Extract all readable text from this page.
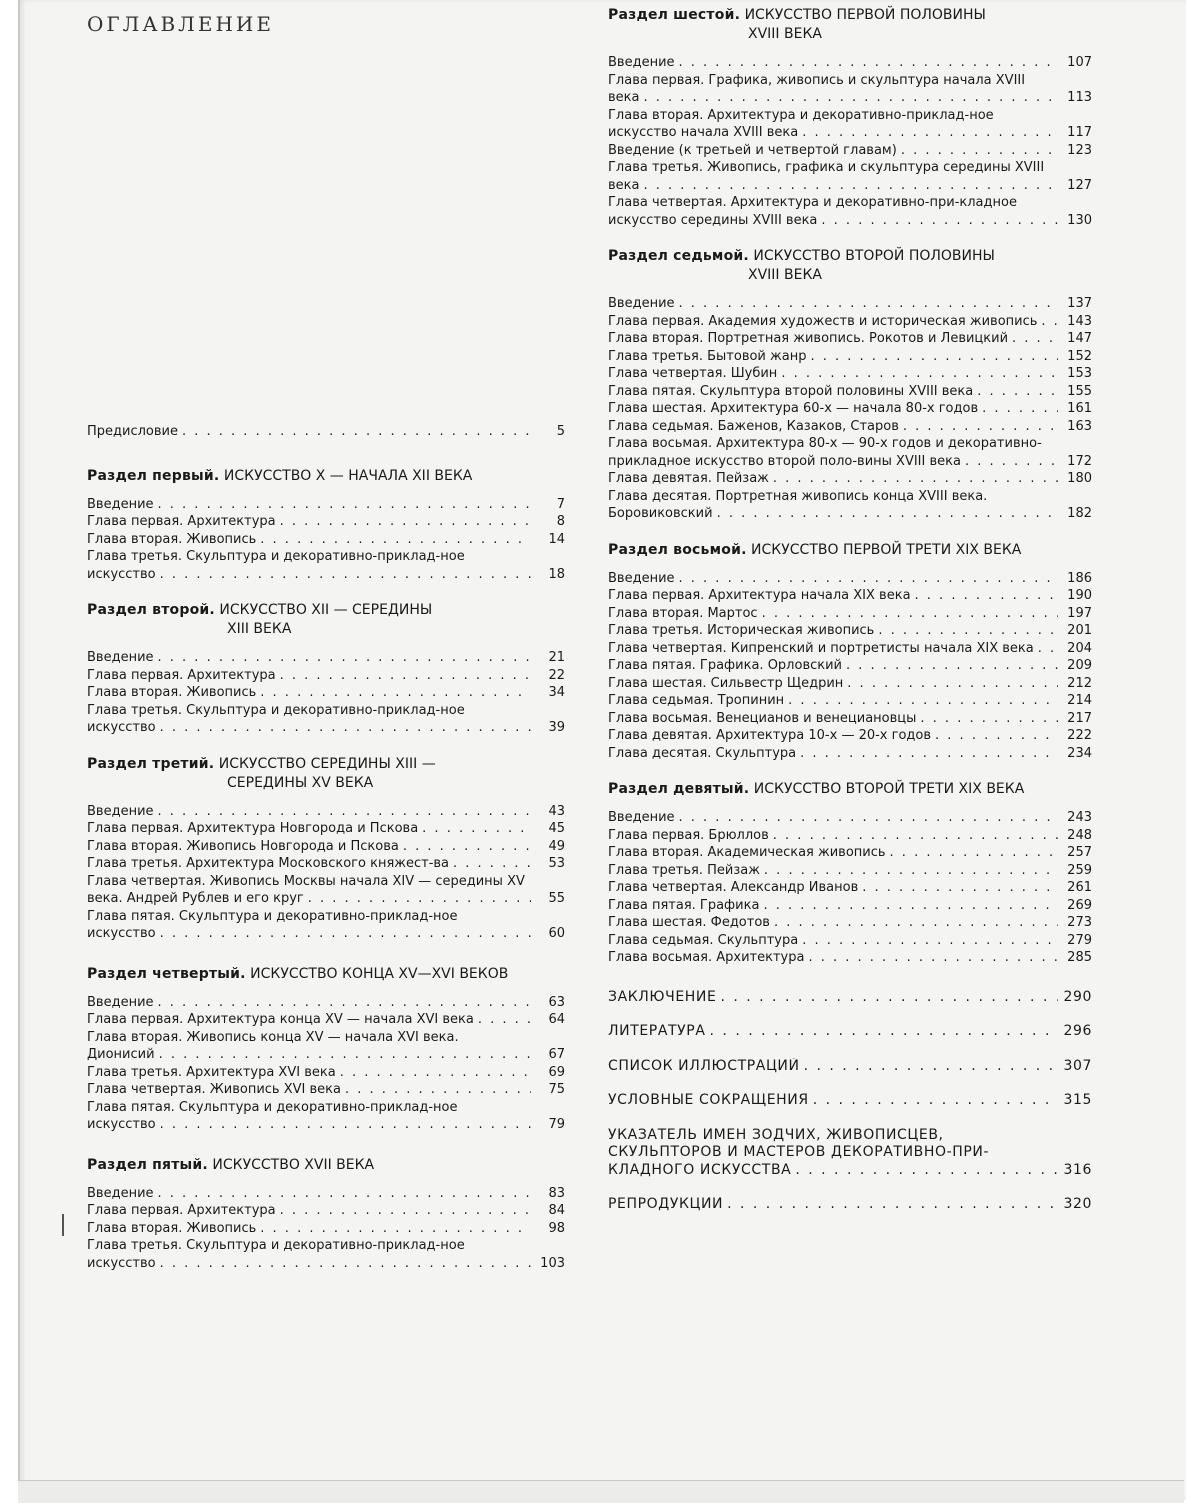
ОГЛАВЛЕНИЕ
Предисловие . . .	5
Раздел первый. ИСКУССТВО X — НАЧАЛА XII ВЕКА
Введение . . .	7
Глава первая. Архитектура . . .	8
Глава вторая. Живопись . . .	14
Глава третья. Скульптура и декоративно-приклад-ное искусство . . .	18
Раздел второй. ИСКУССТВО XII — СЕРЕДИНЫ
XIII ВЕКА
Введение . . .	21
Глава первая. Архитектура . . .	22
Глава вторая. Живопись . . .	34
Глава третья. Скульптура и декоративно-приклад-ное искусство . . .	39
Раздел третий. ИСКУССТВО СЕРЕДИНЫ XIII —
СЕРЕДИНЫ XV ВЕКА
Введение . . .	43
Глава первая. Архитектура Новгорода и Пскова . . .	45
Глава вторая. Живопись Новгорода и Пскова . . .	49
Глава третья. Архитектура Московского княжест-ва . . .	53
Глава четвертая. Живопись Москвы начала XIV — середины XV века. Андрей Рублев и его круг . . .	55
Глава пятая. Скульптура и декоративно-приклад-ное искусство . . .	60
Раздел четвертый. ИСКУССТВО КОНЦА XV—XVI ВЕКОВ
Введение . . .	63
Глава первая. Архитектура конца XV — начала XVI века . . .	64
Глава вторая. Живопись конца XV — начала XVI века. Дионисий . . .	67
Глава третья. Архитектура XVI века . . .	69
Глава четвертая. Живопись XVI века . . .	75
Глава пятая. Скульптура и декоративно-приклад-ное искусство . . .	79
Раздел пятый. ИСКУССТВО XVII ВЕКА
Введение . . .	83
Глава первая. Архитектура . . .	84
Глава вторая. Живопись . . .	98
Глава третья. Скульптура и декоративно-приклад-ное искусство . . .	103
Раздел шестой. ИСКУССТВО ПЕРВОЙ ПОЛОВИНЫ
XVIII ВЕКА
Введение . . .	107
Глава первая. Графика, живопись и скульптура начала XVIII века . . .	113
Глава вторая. Архитектура и декоративно-приклад-ное искусство начала XVIII века . . .	117
Введение (к третьей и четвертой главам) . . .	123
Глава третья. Живопись, графика и скульптура середины XVIII века . . .	127
Глава четвертая. Архитектура и декоративно-при-кладное искусство середины XVIII века . . .	130
Раздел седьмой. ИСКУССТВО ВТОРОЙ ПОЛОВИНЫ
XVIII ВЕКА
Введение . . .	137
Глава первая. Академия художеств и историческая живопись . . .	143
Глава вторая. Портретная живопись. Рокотов и Левицкий . . .	147
Глава третья. Бытовой жанр . . .	152
Глава четвертая. Шубин . . .	153
Глава пятая. Скульптура второй половины XVIII века . . .	155
Глава шестая. Архитектура 60-х — начала 80-х годов . . .	161
Глава седьмая. Баженов, Казаков, Старов . . .	163
Глава восьмая. Архитектура 80-х — 90-х годов и декоративно-прикладное искусство второй поло-вины XVIII века . . .	172
Глава девятая. Пейзаж . . .	180
Глава десятая. Портретная живопись конца XVIII века. Боровиковский . . .	182
Раздел восьмой. ИСКУССТВО ПЕРВОЙ ТРЕТИ XIX ВЕКА
Введение . . .	186
Глава первая. Архитектура начала XIX века . . .	190
Глава вторая. Мартос . . .	197
Глава третья. Историческая живопись . . .	201
Глава четвертая. Кипренский и портретисты начала XIX века . . .	204
Глава пятая. Графика. Орловский . . .	209
Глава шестая. Сильвестр Щедрин . . .	212
Глава седьмая. Тропинин . . .	214
Глава восьмая. Венецианов и венециановцы . . .	217
Глава девятая. Архитектура 10-х — 20-х годов . . .	222
Глава десятая. Скульптура . . .	234
Раздел девятый. ИСКУССТВО ВТОРОЙ ТРЕТИ XIX ВЕКА
Введение . . .	243
Глава первая. Брюллов . . .	248
Глава вторая. Академическая живопись . . .	257
Глава третья. Пейзаж . . .	259
Глава четвертая. Александр Иванов . . .	261
Глава пятая. Графика . . .	269
Глава шестая. Федотов . . .	273
Глава седьмая. Скульптура . . .	279
Глава восьмая. Архитектура . . .	285
ЗАКЛЮЧЕНИЕ . . .	290
ЛИТЕРАТУРА . . .	296
СПИСОК ИЛЛЮСТРАЦИЙ . . .	307
УСЛОВНЫЕ СОКРАЩЕНИЯ . . .	315
УКАЗАТЕЛЬ ИМЕН ЗОДЧИХ, ЖИВОПИСЦЕВ, СКУЛЬПТОРОВ И МАСТЕРОВ ДЕКОРАТИВНО-ПРИ-КЛАДНОГО ИСКУССТВА . . .	316
РЕПРОДУКЦИИ . . .	320
